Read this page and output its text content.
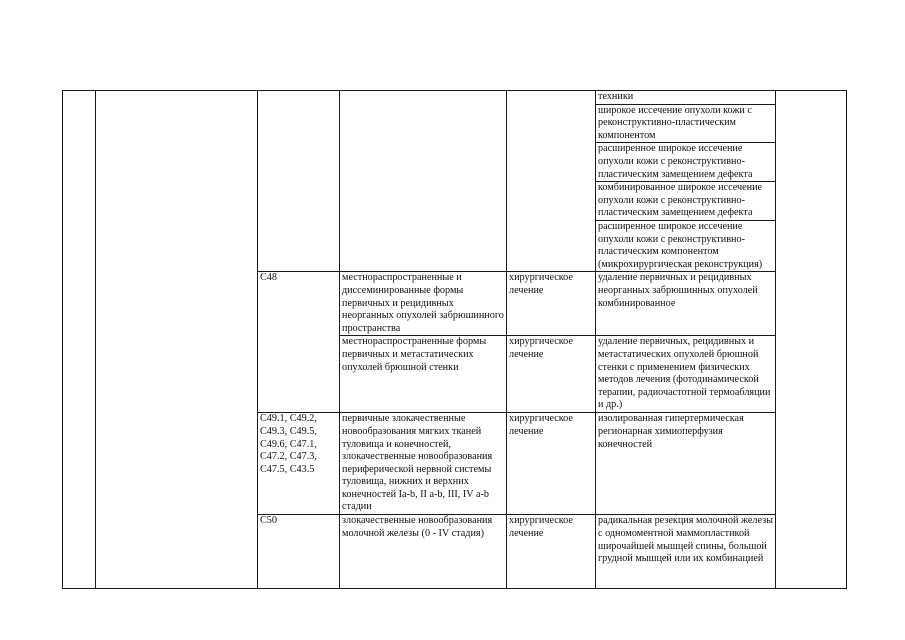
					техники	
					широкое иссечение опухоли кожи с реконструктивно-пластическим компонентом	
					расширенное широкое иссечение опухоли кожи с реконструктивно-пластическим замещением дефекта	
					комбинированное широкое иссечение опухоли кожи с реконструктивно-пластическим замещением дефекта	
					расширенное широкое иссечение опухоли кожи с реконструктивно-пластическим компонентом (микрохирургическая реконструкция)	
		C48	местнораспространенные и диссеминированные формы первичных и рецидивных неорганных опухолей забрюшинного пространства	хирургическое лечение	удаление первичных и рецидивных неорганных забрюшинных опухолей комбинированное	
			местнораспространенные формы первичных и метастатических опухолей брюшной стенки	хирургическое лечение	удаление первичных, рецидивных и метастатических опухолей брюшной стенки с применением физических методов лечения (фотодинамической терапии, радиочастотной термоабляции и др.)	
		C49.1, C49.2, C49.3, C49.5, C49.6, C47.1, C47.2, C47.3, C47.5, C43.5	первичные злокачественные новообразования мягких тканей туловища и конечностей, злокачественные новообразования периферической нервной системы туловища, нижних и верхних конечностей Ia-b, II a-b, III, IV a-b стадии	хирургическое лечение	изолированная гипертермическая регионарная химиоперфузия конечностей	
		C50	злокачественные новообразования молочной железы (0 - IV стадия)	хирургическое лечение	радикальная резекция молочной железы с одномоментной маммопластикой широчайшей мышцей спины, большой грудной мышцей или их комбинацией	
